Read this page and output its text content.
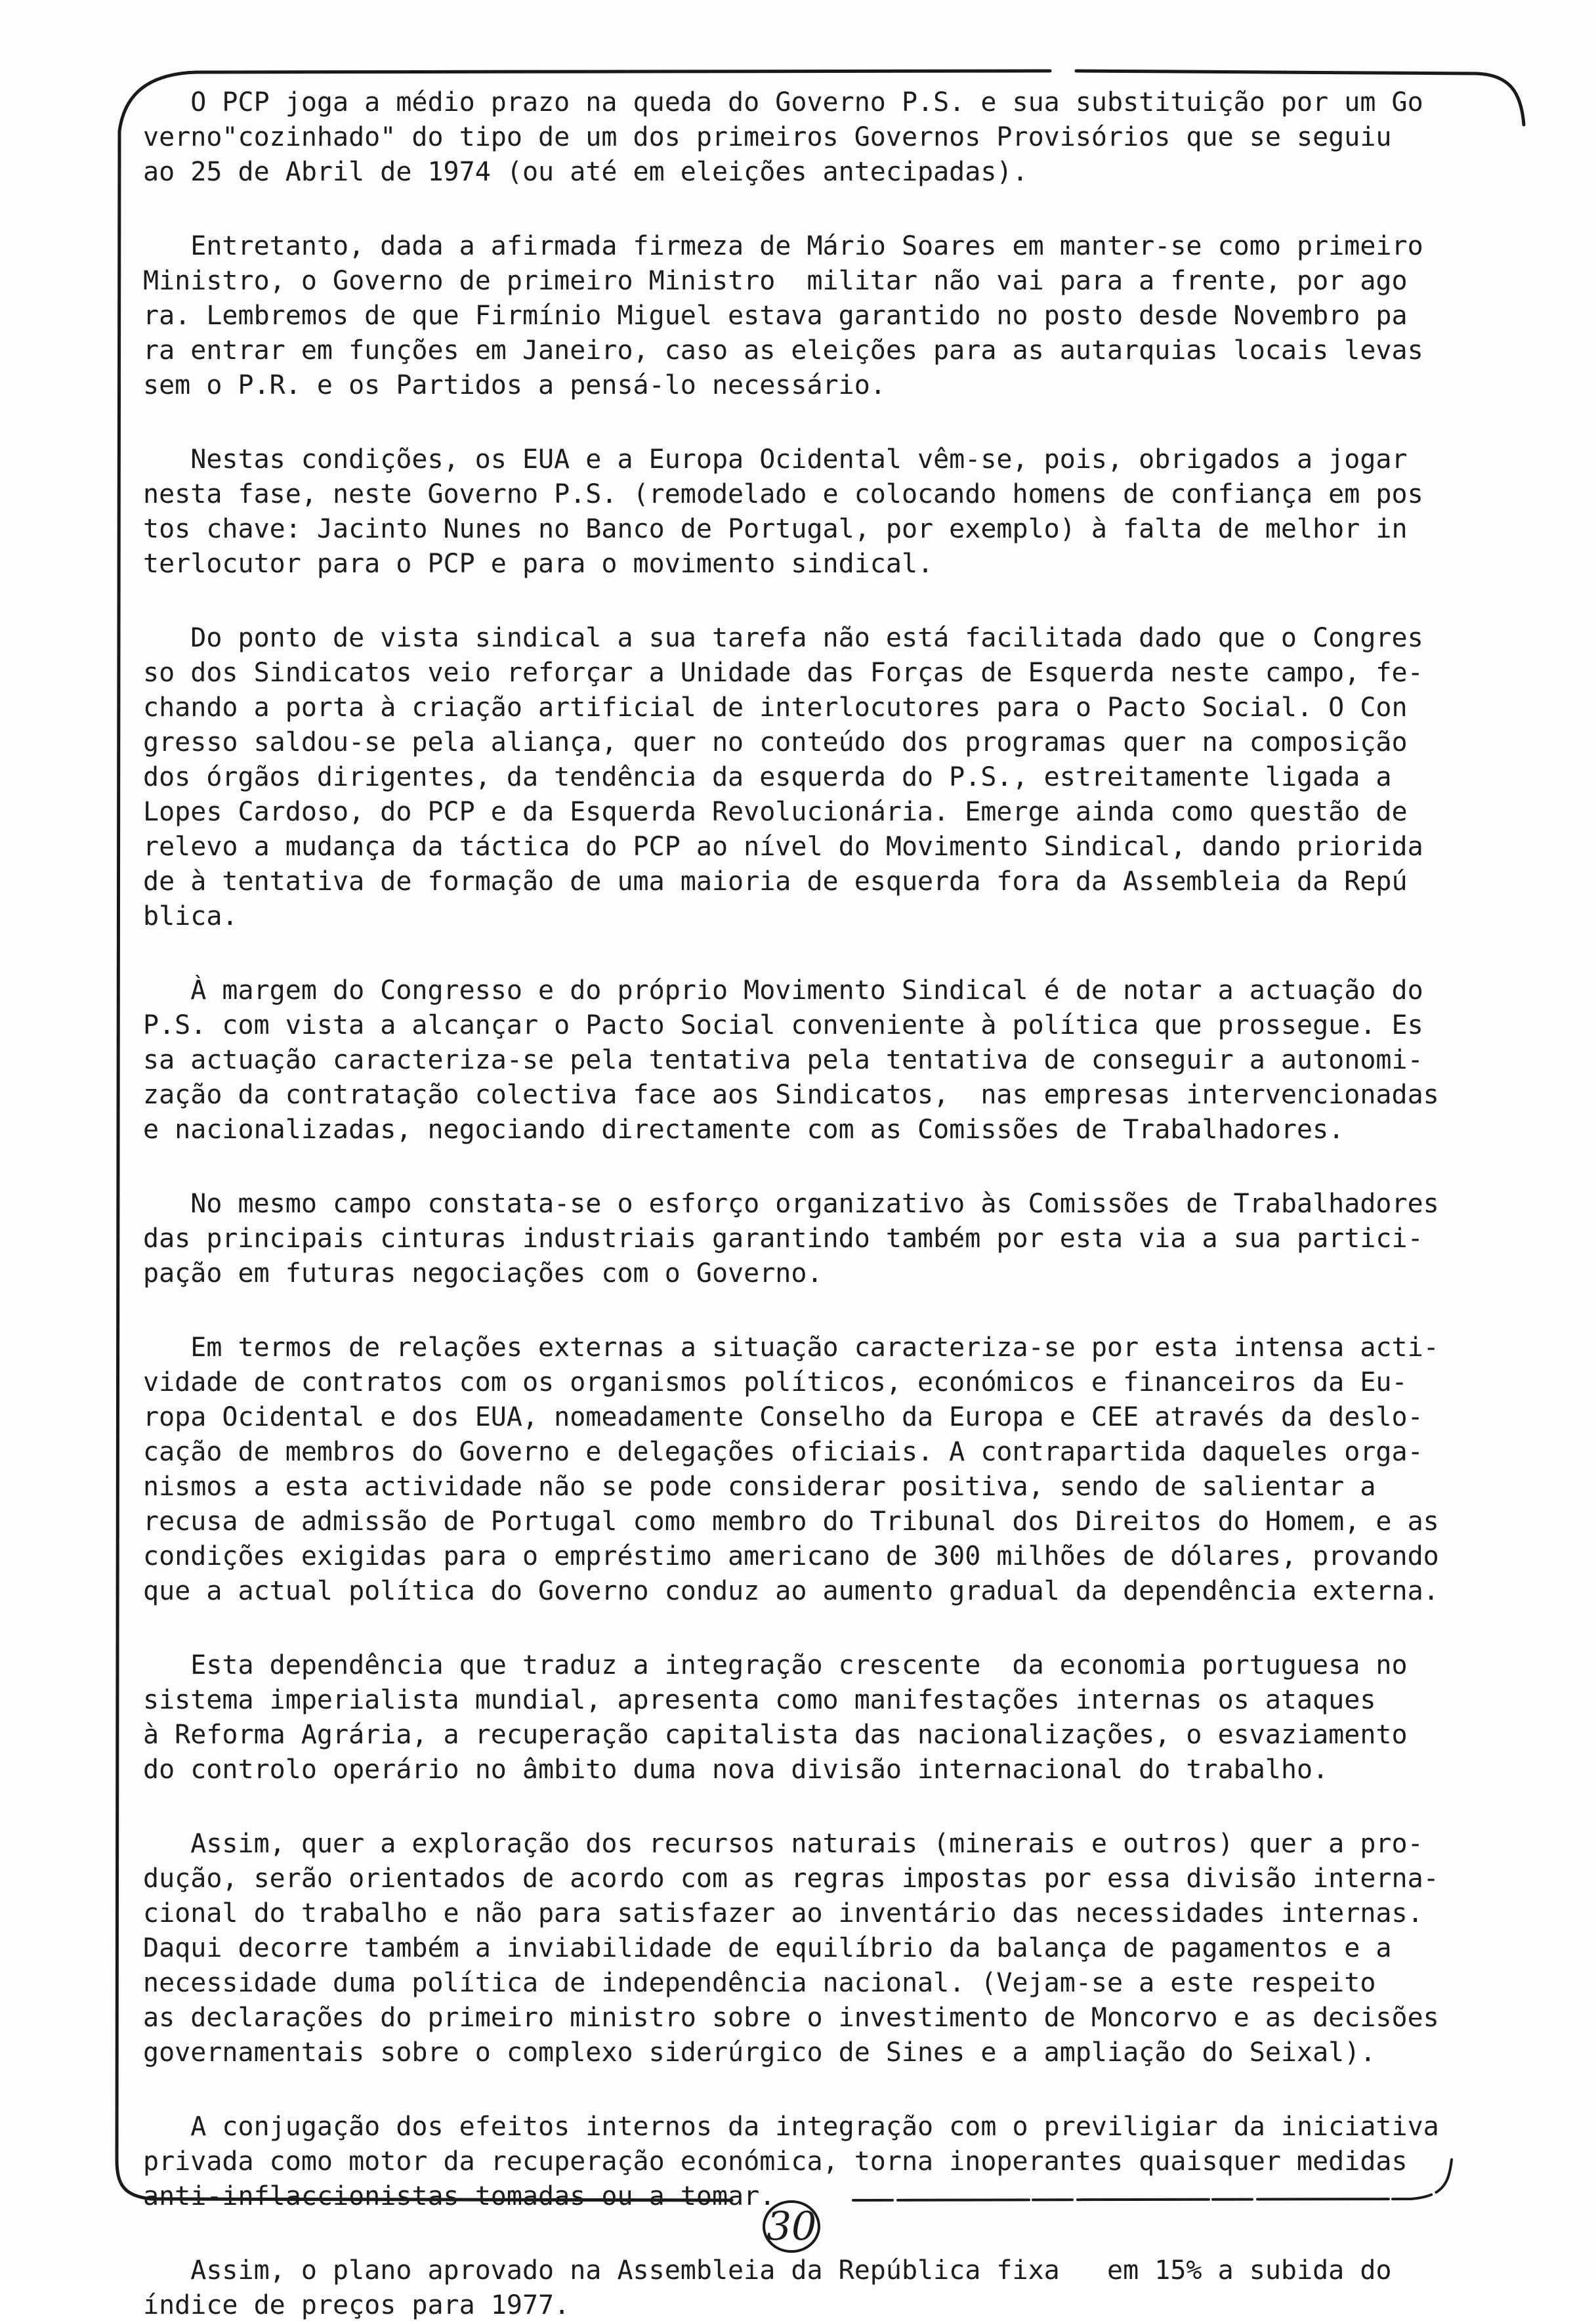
O PCP joga a médio prazo na queda do Governo P.S. e sua substituição por um Go
verno"cozinhado" do tipo de um dos primeiros Governos Provisórios que se seguiu
ao 25 de Abril de 1974 (ou até em eleições antecipadas).

Entretanto, dada a afirmada firmeza de Mário Soares em manter-se como primeiro
Ministro, o Governo de primeiro Ministro  militar não vai para a frente, por ago
ra. Lembremos de que Firmínio Miguel estava garantido no posto desde Novembro pa
ra entrar em funções em Janeiro, caso as eleições para as autarquias locais levas
sem o P.R. e os Partidos a pensá-lo necessário.

Nestas condições, os EUA e a Europa Ocidental vêm-se, pois, obrigados a jogar
nesta fase, neste Governo P.S. (remodelado e colocando homens de confiança em pos
tos chave: Jacinto Nunes no Banco de Portugal, por exemplo) à falta de melhor in
terlocutor para o PCP e para o movimento sindical.

Do ponto de vista sindical a sua tarefa não está facilitada dado que o Congres
so dos Sindicatos veio reforçar a Unidade das Forças de Esquerda neste campo, fe-
chando a porta à criação artificial de interlocutores para o Pacto Social. O Con
gresso saldou-se pela aliança, quer no conteúdo dos programas quer na composição
dos órgãos dirigentes, da tendência da esquerda do P.S., estreitamente ligada a
Lopes Cardoso, do PCP e da Esquerda Revolucionária. Emerge ainda como questão de
relevo a mudança da táctica do PCP ao nível do Movimento Sindical, dando priorida
de à tentativa de formação de uma maioria de esquerda fora da Assembleia da Repú
blica.

À margem do Congresso e do próprio Movimento Sindical é de notar a actuação do
P.S. com vista a alcançar o Pacto Social conveniente à política que prossegue. Es
sa actuação caracteriza-se pela tentativa pela tentativa de conseguir a autonomi-
zação da contratação colectiva face aos Sindicatos,  nas empresas intervencionadas
e nacionalizadas, negociando directamente com as Comissões de Trabalhadores.

No mesmo campo constata-se o esforço organizativo às Comissões de Trabalhadores
das principais cinturas industriais garantindo também por esta via a sua partici-
pação em futuras negociações com o Governo.

Em termos de relações externas a situação caracteriza-se por esta intensa acti-
vidade de contratos com os organismos políticos, económicos e financeiros da Eu-
ropa Ocidental e dos EUA, nomeadamente Conselho da Europa e CEE através da deslo-
cação de membros do Governo e delegações oficiais. A contrapartida daqueles orga-
nismos a esta actividade não se pode considerar positiva, sendo de salientar a
recusa de admissão de Portugal como membro do Tribunal dos Direitos do Homem, e as
condições exigidas para o empréstimo americano de 300 milhões de dólares, provando
que a actual política do Governo conduz ao aumento gradual da dependência externa.

Esta dependência que traduz a integração crescente  da economia portuguesa no
sistema imperialista mundial, apresenta como manifestações internas os ataques
à Reforma Agrária, a recuperação capitalista das nacionalizações, o esvaziamento
do controlo operário no âmbito duma nova divisão internacional do trabalho.

Assim, quer a exploração dos recursos naturais (minerais e outros) quer a pro-
dução, serão orientados de acordo com as regras impostas por essa divisão interna-
cional do trabalho e não para satisfazer ao inventário das necessidades internas.
Daqui decorre também a inviabilidade de equilíbrio da balança de pagamentos e a
necessidade duma política de independência nacional. (Vejam-se a este respeito
as declarações do primeiro ministro sobre o investimento de Moncorvo e as decisões
governamentais sobre o complexo siderúrgico de Sines e a ampliação do Seixal).

A conjugação dos efeitos internos da integração com o previligiar da iniciativa
privada como motor da recuperação económica, torna inoperantes quaisquer medidas
anti-inflaccionistas tomadas ou a tomar.

Assim, o plano aprovado na Assembleia da República fixa   em 15% a subida do
índice de preços para 1977.

30
